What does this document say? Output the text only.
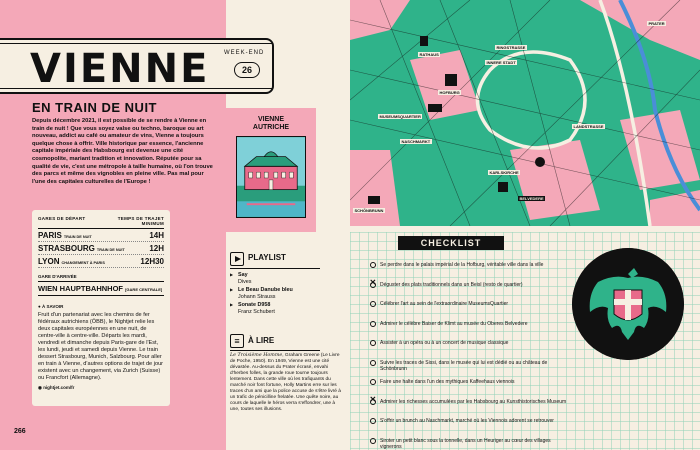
VIENNE WEEK-END
26
EN TRAIN DE NUIT
Depuis décembre 2021, il est possible de se rendre à Vienne en train de nuit ! Que vous soyez valse ou techno, baroque ou art nouveau, addict au café ou amateur de vins, Vienne a toujours quelque chose à offrir. Ville historique par essence, l'ancienne capitale impériale des Habsbourg est devenue une cité cosmopolite, mariant tradition et innovation. Réputée pour sa qualité de vie, c'est une métropole à taille humaine, où l'on trouve des parcs et même des vignobles en pleine ville. Pas mal pour l'une des capitales culturelles de l'Europe !
GARES DE DÉPART	TEMPS DE TRAJET MINIMUM
PARIS TRAIN DE NUIT	14H
STRASBOURG TRAIN DE NUIT	12H
LYON CHANGEMENT À PARIS	12H30
GARE D'ARRIVÉE
WIEN HAUPTBAHNHOF [GARE CENTRALE]
● À SAVOIR
Fruit d'un partenariat avec les chemins de fer fédéraux autrichiens (ÖBB), le Nightjet relie les deux capitales européennes en une nuit, de centre-ville à centre-ville. Départs les mardi, vendredi et dimanche depuis Paris-gare de l'Est, les lundi, jeudi et samedi depuis Vienne. Le train dessert Strasbourg, Munich, Salzbourg. Pour aller en train à Vienne, d'autres options de trajet de jour existent avec un changement, via Zurich (Suisse) ou Francfort (Allemagne).
◉ nightjet.com/fr
266
VIENNE
AUTRICHE
PLAYLIST
▶ Say
Dives
▶ Le Beau Danube bleu
Johann Strauss
▶ Sonate D958
Franz Schubert
≡	À LIRE
Le Troisième Homme, Graham Greene (Le Livre de Poche, 1950). En 1949, Vienne est une cité dévastée. Au-dessus du Prater écrasé, envahi d'herbes folles, la grande roue tourne toujours lentement. Dans cette ville où les trafiquants du marché noir font fortune, Holly Martins erre sur les traces d'un ami que la police accuse de s'être livré à un trafic de pénicilline frelatée. Une quête noire, au cours de laquelle le héros verra s'effondrer, une à une, toutes ses illusions.
PRATER
RINGSTRASSE
RATHAUS
INNERE STADT
HOFBURG
MUSEUMSQUARTIER
NASCHMARKT
KARLSKIRCHE
LANDSTRASSE
SCHÖNBRUNN
BELVEDERE
CHECKLIST
Se perdre dans le palais impérial de la Hofburg, véritable ville dans la ville
✕
Déguster des plats traditionnels dans un Beisl (resto de quartier)
Célébrer l'art au sein de l'extraordinaire MuseumsQuartier
Admirer le célèbre Baiser de Klimt au musée du Oberes Belvedere
Assister à un opéra ou à un concert de musique classique
Suivre les traces de Sissi, dans le musée qui lui est dédié ou au château de Schönbrunn
Faire une halte dans l'un des mythiques Kaffeehaus viennois
✕
Admirer les richesses accumulées par les Habsbourg au Kunsthistorisches Museum
S'offrir un brunch au Naschmarkt, marché où les Viennois adorent se retrouver
Siroter un petit blanc sous la tonnelle, dans un Heuriger au cœur des villages vignerons
